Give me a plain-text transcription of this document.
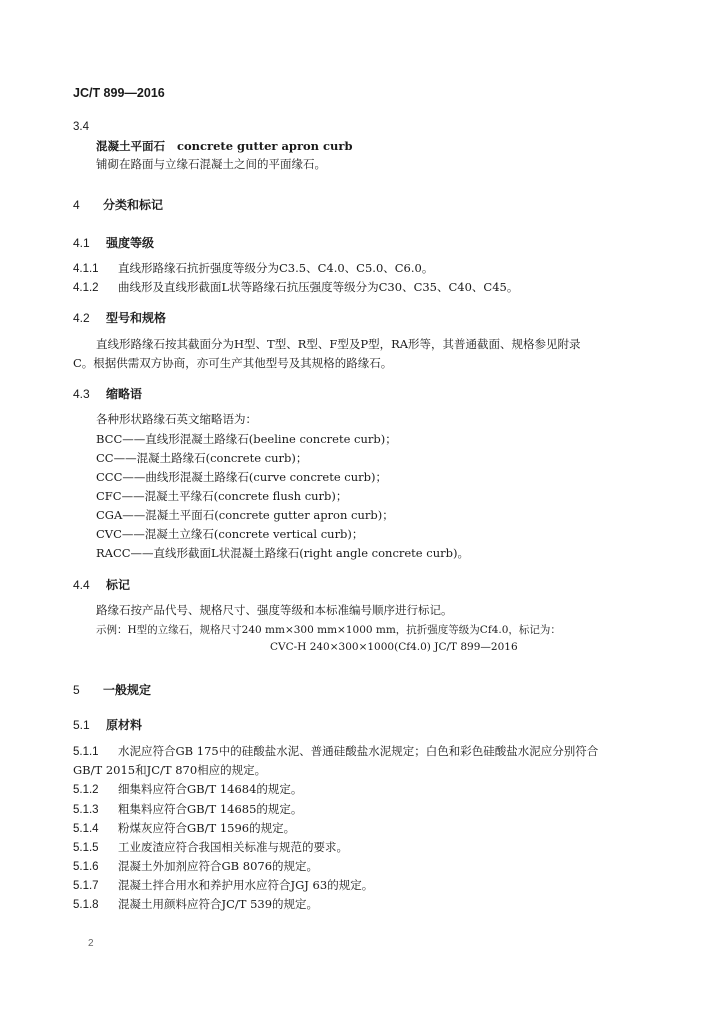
JC/T 899—2016
3.4
混凝土平面石 concrete gutter apron curb
铺砌在路面与立缘石混凝土之间的平面缘石。
4 分类和标记
4.1 强度等级
4.1.1 直线形路缘石抗折强度等级分为C3.5、C4.0、C5.0、C6.0。
4.1.2 曲线形及直线形截面L状等路缘石抗压强度等级分为C30、C35、C40、C45。
4.2 型号和规格
直线形路缘石按其截面分为H型、T型、R型、F型及P型，RA形等，其普通截面、规格参见附录
C。根据供需双方协商，亦可生产其他型号及其规格的路缘石。
4.3 缩略语
各种形状路缘石英文缩略语为：
BCC——直线形混凝土路缘石(beeline concrete curb)；
CC——混凝土路缘石(concrete curb)；
CCC——曲线形混凝土路缘石(curve concrete curb)；
CFC——混凝土平缘石(concrete flush curb)；
CGA——混凝土平面石(concrete gutter apron curb)；
CVC——混凝土立缘石(concrete vertical curb)；
RACC——直线形截面L状混凝土路缘石(right angle concrete curb)。
4.4 标记
路缘石按产品代号、规格尺寸、强度等级和本标准编号顺序进行标记。
示例：H型的立缘石，规格尺寸240 mm×300 mm×1000 mm，抗折强度等级为Cf4.0，标记为：
CVC-H 240×300×1000(Cf4.0) JC/T 899—2016
5 一般规定
5.1 原材料
5.1.1 水泥应符合GB 175中的硅酸盐水泥、普通硅酸盐水泥规定；白色和彩色硅酸盐水泥应分别符合
GB/T 2015和JC/T 870相应的规定。
5.1.2 细集料应符合GB/T 14684的规定。
5.1.3 粗集料应符合GB/T 14685的规定。
5.1.4 粉煤灰应符合GB/T 1596的规定。
5.1.5 工业废渣应符合我国相关标准与规范的要求。
5.1.6 混凝土外加剂应符合GB 8076的规定。
5.1.7 混凝土拌合用水和养护用水应符合JGJ 63的规定。
5.1.8 混凝土用颜料应符合JC/T 539的规定。
2
